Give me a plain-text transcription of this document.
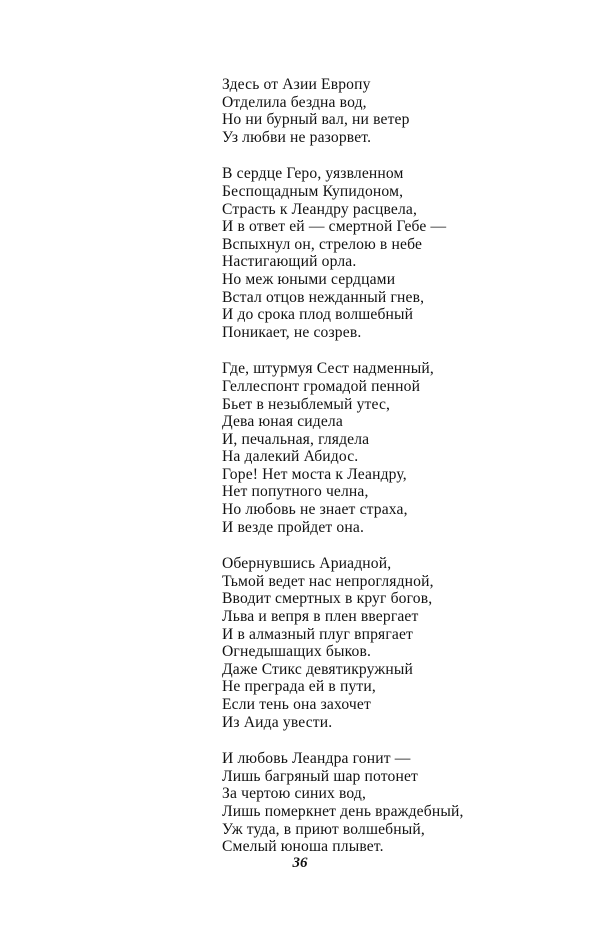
Здесь от Азии Европу
Отделила бездна вод,
Но ни бурный вал, ни ветер
Уз любви не разорвет.
В сердце Геро, уязвленном
Беспощадным Купидоном,
Страсть к Леандру расцвела,
И в ответ ей — смертной Гебе —
Вспыхнул он, стрелою в небе
Настигающий орла.
Но меж юными сердцами
Встал отцов нежданный гнев,
И до срока плод волшебный
Поникает, не созрев.
Где, штурмуя Сест надменный,
Геллеспонт громадой пенной
Бьет в незыблемый утес,
Дева юная сидела
И, печальная, глядела
На далекий Абидос.
Горе! Нет моста к Леандру,
Нет попутного челна,
Но любовь не знает страха,
И везде пройдет она.
Обернувшись Ариадной,
Тьмой ведет нас непроглядной,
Вводит смертных в круг богов,
Льва и вепря в плен ввергает
И в алмазный плуг впрягает
Огнедышащих быков.
Даже Стикс девятикружный
Не преграда ей в пути,
Если тень она захочет
Из Аида увести.
И любовь Леандра гонит —
Лишь багряный шар потонет
За чертою синих вод,
Лишь померкнет день враждебный,
Уж туда, в приют волшебный,
Смелый юноша плывет.
36
